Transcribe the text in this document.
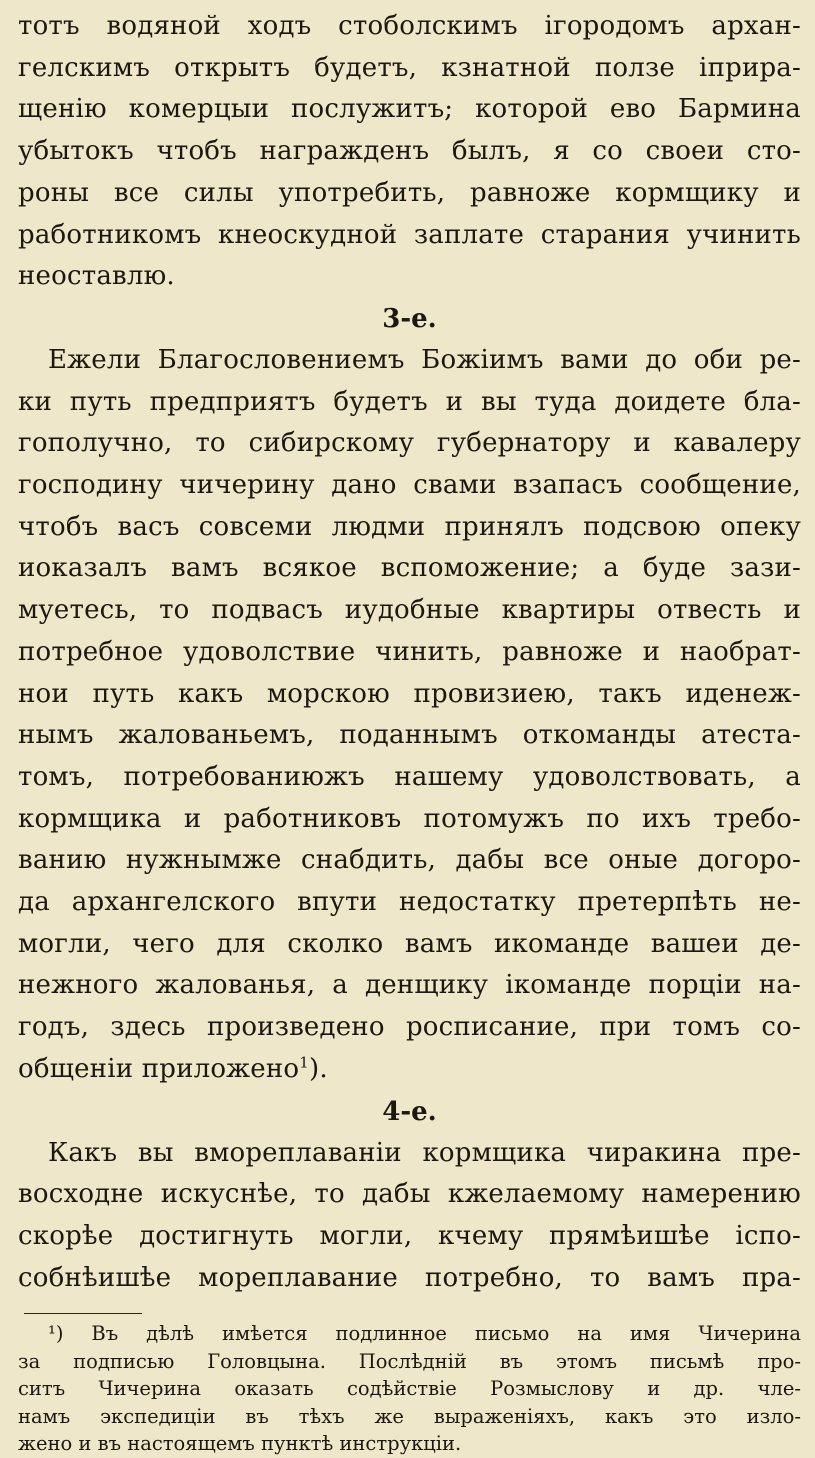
тотъ водяной ходъ стоболскимъ ігородомъ архан-
гелскимъ открытъ будетъ, кзнатной ползе іприра-
щенію комерцыи послужитъ; которой ево Бармина
убытокъ чтобъ награжденъ былъ, я со своеи сто-
роны все силы употребить, равноже кормщику и
работникомъ кнеоскудной заплате старания учинить
неоставлю.
3-е.
Ежели Благословениемъ Божіимъ вами до оби ре-
ки путь предприятъ будетъ и вы туда доидете бла-
гополучно, то сибирскому губернатору и кавалеру
господину чичерину дано свами взапасъ сообщение,
чтобъ васъ совсеми людми принялъ подсвою опеку
иоказалъ вамъ всякое вспоможение; а буде зази-
муетесь, то подвасъ иудобные квартиры отвесть и
потребное удоволствие чинить, равноже и наобрат-
нои путь какъ морскою провизиею, такъ иденеж-
нымъ жалованьемъ, поданнымъ откоманды атеста-
томъ, потребованиюжъ нашему удоволствовать, а
кормщика и работниковъ потомужъ по ихъ требо-
ванию нужнымже снабдить, дабы все оные догоро-
да архангелского впути недостатку претерпѣть не-
могли, чего для сколко вамъ икоманде вашеи де-
нежного жалованья, а денщику ікоманде порціи на-
годъ, здесь произведено росписание, при томъ со-
общеніи приложено$^1$).
4-е.
Какъ вы вмореплаваніи кормщика чиракина пре-
восходне искуснѣе, то дабы кжелаемому намерению
скорѣе достигнуть могли, кчему прямѣишѣе іспо-
собнѣишѣе мореплавание потребно, то вамъ пра-
¹) Въ дѣлѣ имѣется подлинное письмо на имя Чичерина
за подписью Головцына. Послѣдній въ этомъ письмѣ про-
ситъ Чичерина оказать содѣйствіе Розмыслову и др. чле-
намъ экспедиціи въ тѣхъ же выраженіяхъ, какъ это изло-
жено и въ настоящемъ пунктѣ инструкціи.
